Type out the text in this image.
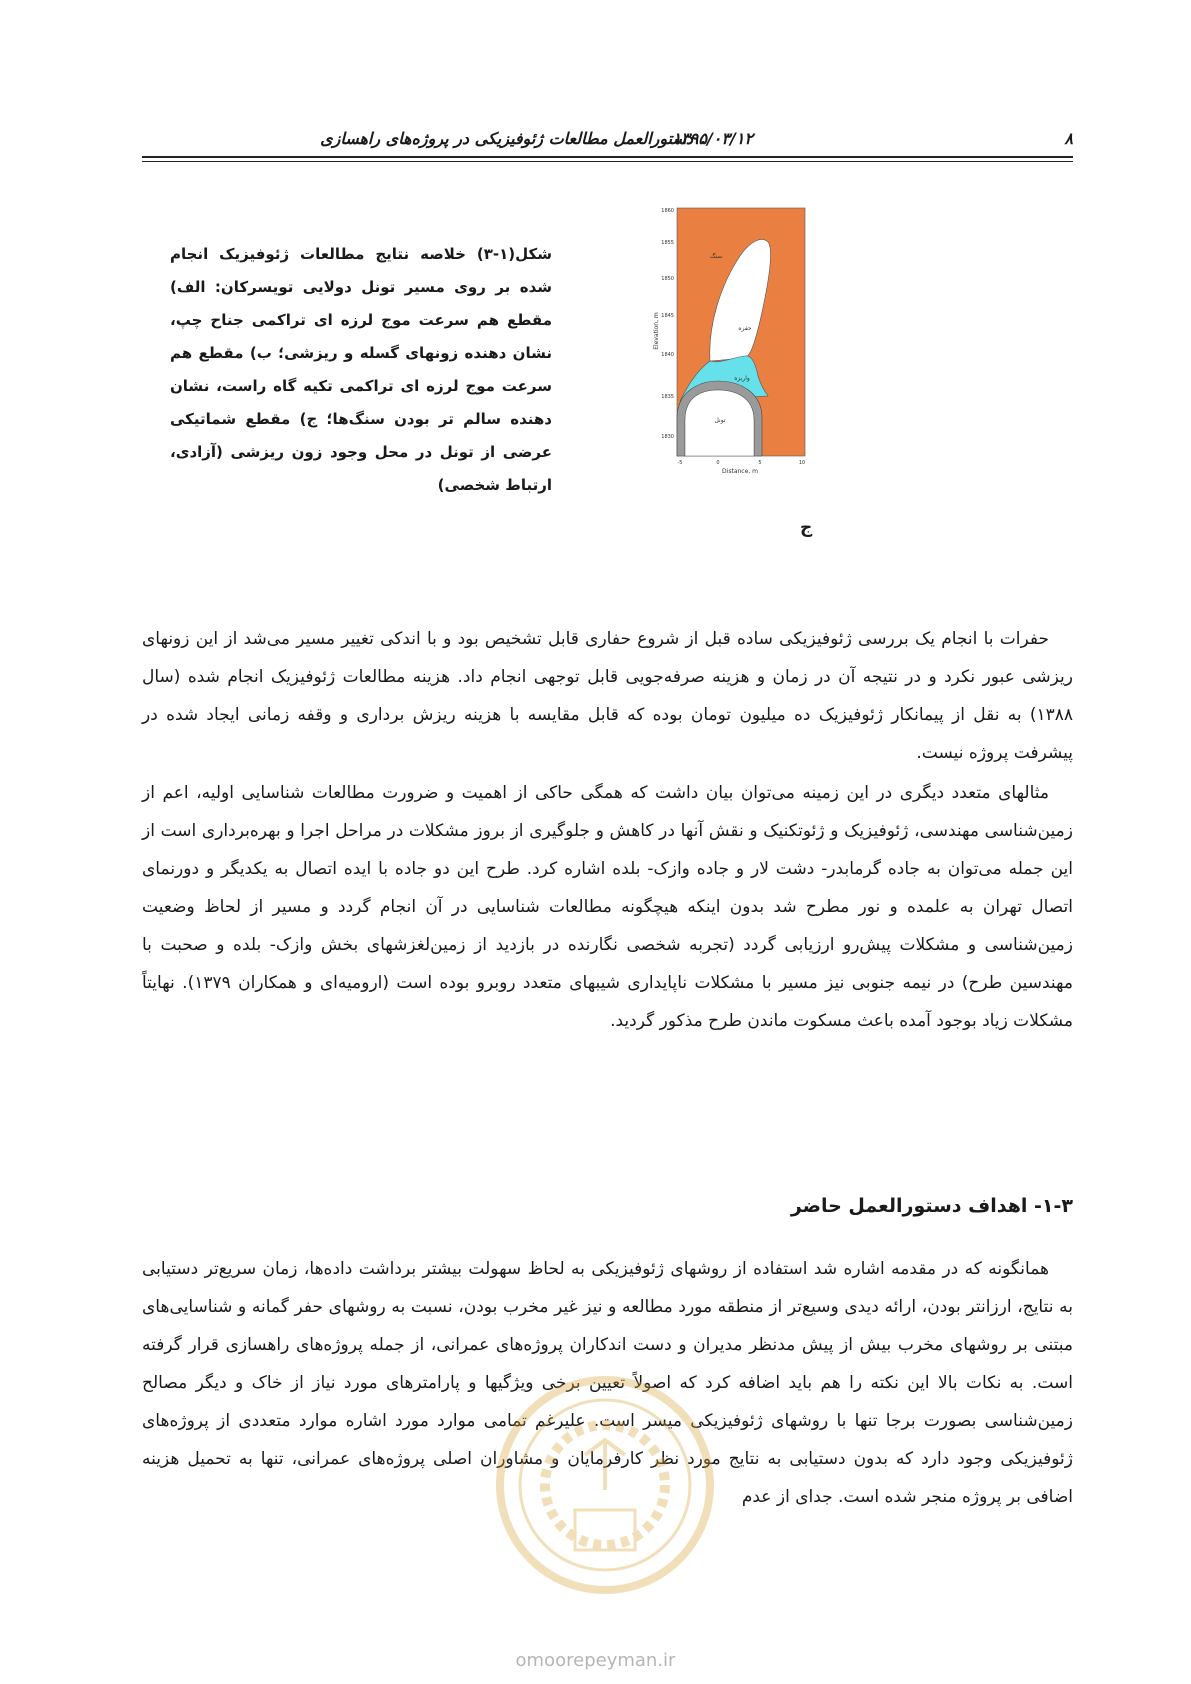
۸
۱۳۹۵/۰۳/۱۲
دستورالعمل مطالعات ژئوفیزیکی در پروژه‌های راهسازی
شکل(۱-۳) خلاصه نتایج مطالعات ژئوفیزیک انجام شده بر روی مسیر تونل دولایی تویسرکان: الف) مقطع هم سرعت موج لرزه ای تراکمی جناح چپ، نشان دهنده زونهای گسله و ریزشی؛ ب) مقطع هم سرعت موج لرزه ای تراکمی تکیه گاه راست، نشان دهنده سالم تر بودن سنگ‌ها؛ ج) مقطع شماتیکی عرضی از تونل در محل وجود زون ریزشی (آزادی، ارتباط شخصی)
1860
1855
1850
1845
1840
1835
1830
-5	0	5	10
Distance, m
Elevation, m
سنگ
حفره
واریزه
تونل
ج

حفرات با انجام یک بررسی ژئوفیزیکی ساده قبل از شروع حفاری قابل تشخیص بود و با اندکی تغییر مسیر می‌شد از این زونهای ریزشی عبور نکرد و در نتیجه آن در زمان و هزینه صرفه‌جویی قابل توجهی انجام داد. هزینه مطالعات ژئوفیزیک انجام شده (سال ۱۳۸۸) به نقل از پیمانکار ژئوفیزیک ده میلیون تومان بوده که قابل مقایسه با هزینه ریزش برداری و وقفه زمانی ایجاد شده در پیشرفت پروژه نیست.

مثالهای متعدد دیگری در این زمینه می‌توان بیان داشت که همگی حاکی از اهمیت و ضرورت مطالعات شناسایی اولیه، اعم از زمین‌شناسی مهندسی، ژئوفیزیک و ژئوتکنیک و نقش آنها در کاهش و جلوگیری از بروز مشکلات در مراحل اجرا و بهره‌برداری است از این جمله می‌توان به جاده گرمابدر- دشت لار و جاده وازک- بلده اشاره کرد. طرح این دو جاده با ایده اتصال به یکدیگر و دورنمای اتصال تهران به علمده و نور مطرح شد بدون اینکه هیچگونه مطالعات شناسایی در آن انجام گردد و مسیر از لحاظ وضعیت زمین‌شناسی و مشکلات پیش‌رو ارزیابی گردد (تجربه شخصی نگارنده در بازدید از زمین‌لغزشهای بخش وازک- بلده و صحبت با مهندسین طرح) در نیمه جنوبی نیز مسیر با مشکلات ناپایداری شیبهای متعدد روبرو بوده است (ارومیه‌ای و همکاران ۱۳۷۹). نهایتاً مشکلات زیاد بوجود آمده باعث مسکوت ماندن طرح مذکور گردید.

۱-۳- اهداف دستورالعمل حاضر

همانگونه که در مقدمه اشاره شد استفاده از روشهای ژئوفیزیکی به لحاظ سهولت بیشتر برداشت داده‌ها، زمان سریع‌تر دستیابی به نتایج، ارزانتر بودن، ارائه دیدی وسیع‌تر از منطقه مورد مطالعه و نیز غیر مخرب بودن، نسبت به روشهای حفر گمانه و شناسایی‌های مبتنی بر روشهای مخرب بیش از پیش مدنظر مدیران و دست اندکاران پروژه‌های عمرانی، از جمله پروژه‌های راهسازی قرار گرفته است. به نکات بالا این نکته را هم باید اضافه کرد که اصولاً تعیین برخی ویژگیها و پارامترهای مورد نیاز از خاک و دیگر مصالح زمین‌شناسی بصورت برجا تنها با روشهای ژئوفیزیکی میسر است. علیرغم تمامی موارد مورد اشاره موارد متعددی از پروژه‌های ژئوفیزیکی وجود دارد که بدون دستیابی به نتایج مورد نظر کارفرمایان و مشاوران اصلی پروژه‌های عمرانی، تنها به تحمیل هزینه اضافی بر پروژه منجر شده است. جدای از عدم

omoorepeyman.ir
